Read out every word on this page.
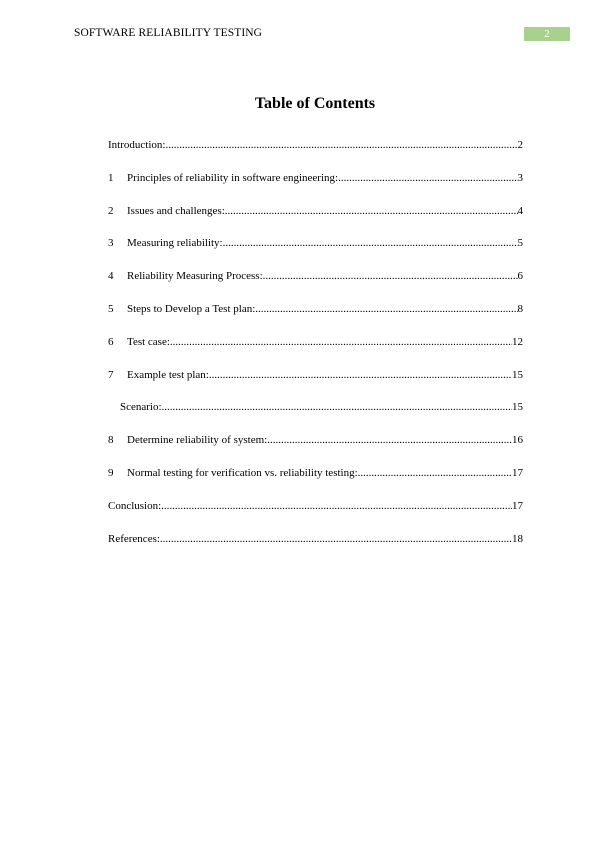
SOFTWARE RELIABILITY TESTING	2
Table of Contents
Introduction: .....	2
1	Principles of reliability in software engineering: .....	3
2	Issues and challenges: .....	4
3	Measuring reliability: .....	5
4	Reliability Measuring Process: .....	6
5	Steps to Develop a Test plan: .....	8
6	Test case: .....	12
7	Example test plan: .....	15
Scenario: .....	15
8	Determine reliability of system: .....	16
9	Normal testing for verification vs. reliability testing: .....	17
Conclusion: .....	17
References: .....	18
